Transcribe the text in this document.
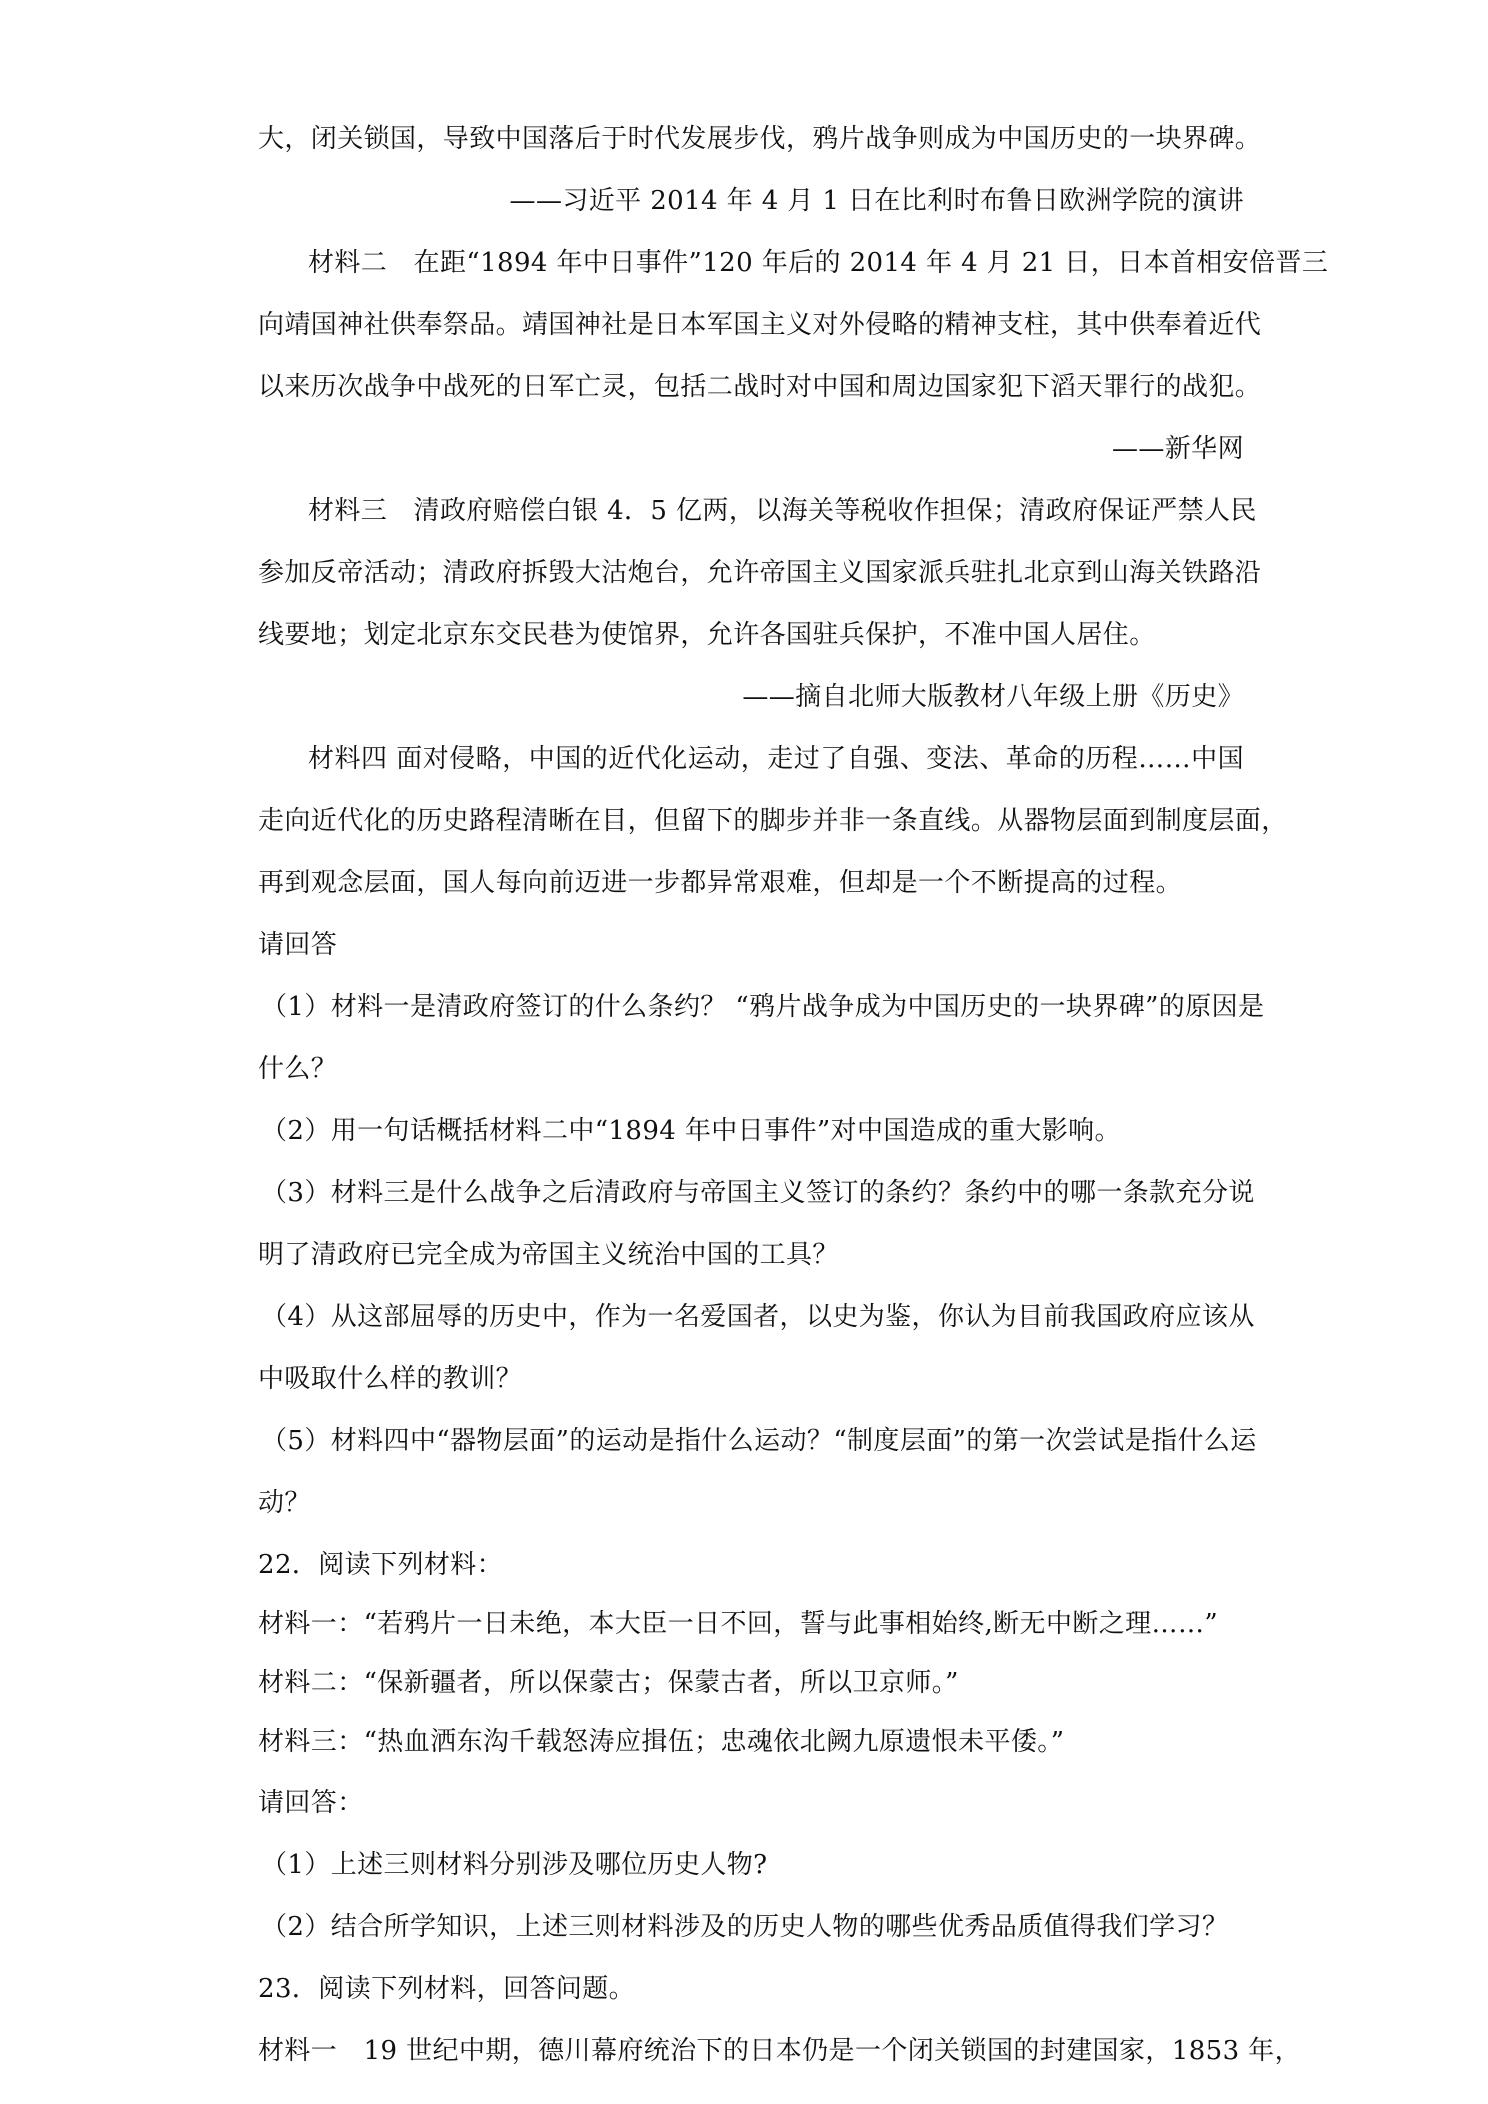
大，闭关锁国，导致中国落后于时代发展步伐，鸦片战争则成为中国历史的一块界碑。
——习近平 2014 年 4 月 1 日在比利时布鲁日欧洲学院的演讲
材料二　在距“1894 年中日事件”120 年后的 2014 年 4 月 21 日，日本首相安倍晋三
向靖国神社供奉祭品。靖国神社是日本军国主义对外侵略的精神支柱，其中供奉着近代
以来历次战争中战死的日军亡灵，包括二战时对中国和周边国家犯下滔天罪行的战犯。
——新华网
材料三　清政府赔偿白银 4．5 亿两，以海关等税收作担保；清政府保证严禁人民
参加反帝活动；清政府拆毁大沽炮台，允许帝国主义国家派兵驻扎北京到山海关铁路沿
线要地；划定北京东交民巷为使馆界，允许各国驻兵保护，不准中国人居住。
——摘自北师大版教材八年级上册《历史》
材料四 面对侵略，中国的近代化运动，走过了自强、变法、革命的历程……中国
走向近代化的历史路程清晰在目，但留下的脚步并非一条直线。从器物层面到制度层面，
再到观念层面，国人每向前迈进一步都异常艰难，但却是一个不断提高的过程。
请回答
（1）材料一是清政府签订的什么条约？ “鸦片战争成为中国历史的一块界碑”的原因是
什么？
（2）用一句话概括材料二中“1894 年中日事件”对中国造成的重大影响。
（3）材料三是什么战争之后清政府与帝国主义签订的条约？条约中的哪一条款充分说
明了清政府已完全成为帝国主义统治中国的工具？
（4）从这部屈辱的历史中，作为一名爱国者，以史为鉴，你认为目前我国政府应该从
中吸取什么样的教训？
（5）材料四中“器物层面”的运动是指什么运动？“制度层面”的第一次尝试是指什么运
动？
22．阅读下列材料：
材料一：“若鸦片一日未绝，本大臣一日不回，誓与此事相始终,断无中断之理……”
材料二：“保新疆者，所以保蒙古；保蒙古者，所以卫京师。”
材料三：“热血洒东沟千载怒涛应揖伍；忠魂依北阙九原遗恨未平倭。”
请回答：
（1）上述三则材料分别涉及哪位历史人物?
（2）结合所学知识，上述三则材料涉及的历史人物的哪些优秀品质值得我们学习？
23．阅读下列材料，回答问题。
材料一　19 世纪中期，德川幕府统治下的日本仍是一个闭关锁国的封建国家，1853 年，
